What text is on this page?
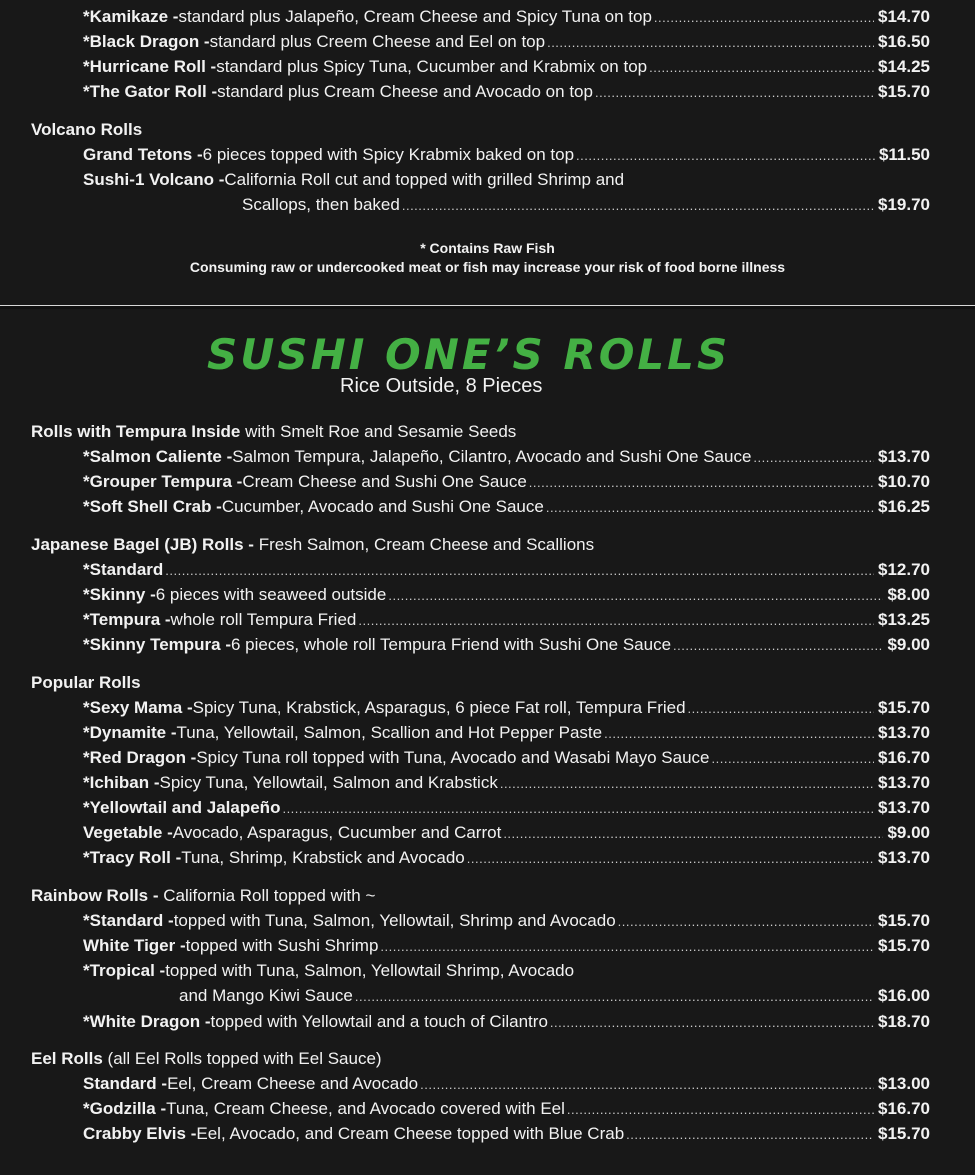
*Kamikaze - standard plus Jalapeño, Cream Cheese and Spicy Tuna on top .....	$14.70
*Black Dragon - standard plus Creem Cheese and Eel on top .....	$16.50
*Hurricane Roll - standard plus Spicy Tuna, Cucumber and Krabmix on top .....	$14.25
*The Gator Roll - standard plus Cream Cheese and Avocado on top .....	$15.70
Volcano Rolls
Grand Tetons - 6 pieces topped with Spicy Krabmix baked on top .....	$11.50
Sushi-1 Volcano - California Roll cut and topped with grilled Shrimp and
Scallops, then baked .....	$19.70
* Contains Raw Fish
Consuming raw or undercooked meat or fish may increase your risk of food borne illness
SUSHI ONE’S ROLLS
Rice Outside, 8 Pieces
Rolls with Tempura Inside with Smelt Roe and Sesamie Seeds
*Salmon Caliente - Salmon Tempura, Jalapeño, Cilantro, Avocado and Sushi One Sauce .....	$13.70
*Grouper Tempura - Cream Cheese and Sushi One Sauce .....	$10.70
*Soft Shell Crab - Cucumber, Avocado and Sushi One Sauce .....	$16.25
Japanese Bagel (JB) Rolls - Fresh Salmon, Cream Cheese and Scallions
*Standard .....	$12.70
*Skinny - 6 pieces with seaweed outside .....	$8.00
*Tempura - whole roll Tempura Fried .....	$13.25
*Skinny Tempura - 6 pieces, whole roll Tempura Friend with Sushi One Sauce .....	$9.00
Popular Rolls
*Sexy Mama - Spicy Tuna, Krabstick, Asparagus, 6 piece Fat roll, Tempura Fried .....	$15.70
*Dynamite - Tuna, Yellowtail, Salmon, Scallion and Hot Pepper Paste .....	$13.70
*Red Dragon - Spicy Tuna roll topped with Tuna, Avocado and Wasabi Mayo Sauce .....	$16.70
*Ichiban - Spicy Tuna, Yellowtail, Salmon and Krabstick .....	$13.70
*Yellowtail and Jalapeño .....	$13.70
Vegetable - Avocado, Asparagus, Cucumber and Carrot .....	$9.00
*Tracy Roll - Tuna, Shrimp, Krabstick and Avocado .....	$13.70
Rainbow Rolls - California Roll topped with ~
*Standard - topped with Tuna, Salmon, Yellowtail, Shrimp and Avocado .....	$15.70
White Tiger - topped with Sushi Shrimp .....	$15.70
*Tropical - topped with Tuna, Salmon, Yellowtail Shrimp, Avocado
and Mango Kiwi Sauce .....	$16.00
*White Dragon - topped with Yellowtail and a touch of Cilantro .....	$18.70
Eel Rolls (all Eel Rolls topped with Eel Sauce)
Standard - Eel, Cream Cheese and Avocado .....	$13.00
*Godzilla - Tuna, Cream Cheese, and Avocado covered with Eel .....	$16.70
Crabby Elvis - Eel, Avocado, and Cream Cheese topped with Blue Crab .....	$15.70
